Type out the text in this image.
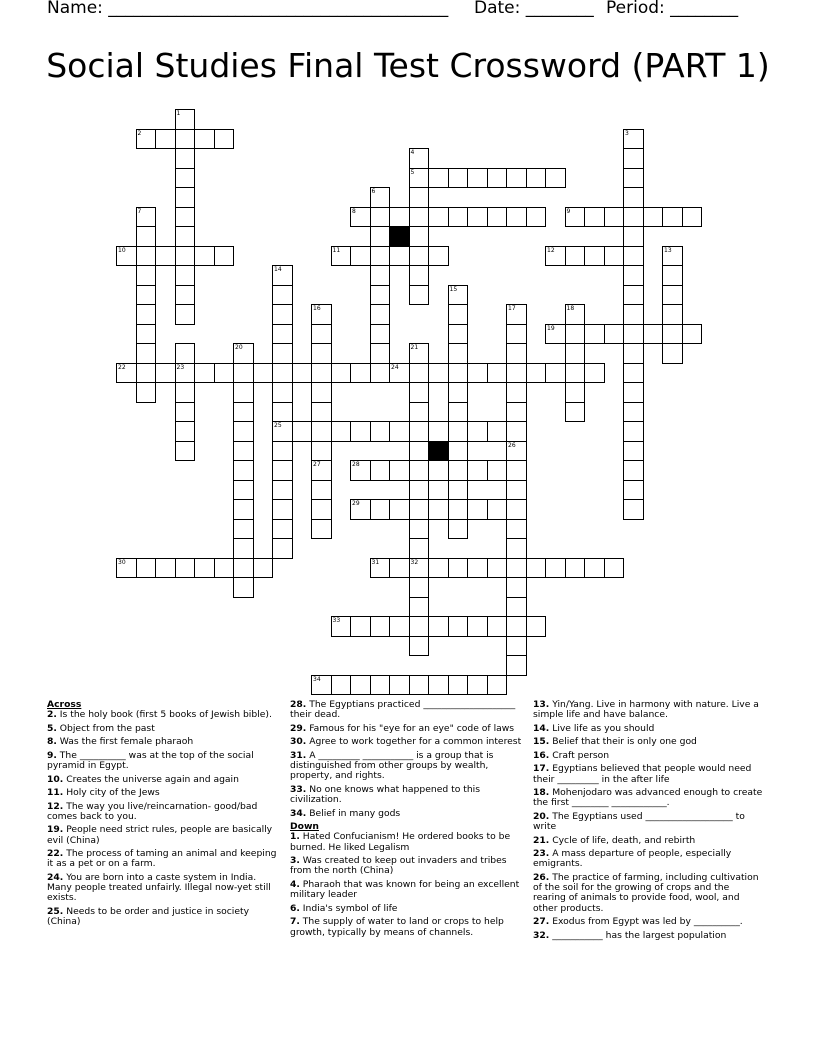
Name: ________________________________________ Date: ________ Period: ________
Social Studies Final Test Crossword (PART 1)
2
5
8	9
10	11	12
19
22	23	24
25
28
29
30	31	32
33
34
1
3
4
6
7
14
15
13
16
27
17
26
18
20	21
Across
2. Is the holy book (first 5 books of Jewish bible).
5. Object from the past
8. Was the first female pharaoh
9. The __________ was at the top of the social pyramid in Egypt.
10. Creates the universe again and again
11. Holy city of the Jews
12. The way you live/reincarnation- good/bad comes back to you.
19. People need strict rules, people are basically evil (China)
22. The process of taming an animal and keeping it as a pet or on a farm.
24. You are born into a caste system in India. Many people treated unfairly. Illegal now-yet still exists.
25. Needs to be order and justice in society (China)
28. The Egyptians practiced ____________________ their dead.
29. Famous for his "eye for an eye" code of laws
30. Agree to work together for a common interest
31. A _________ ___________ is a group that is distinguished from other groups by wealth, property, and rights.
33. No one knows what happened to this civilization.
34. Belief in many gods
Down
1. Hated Confucianism! He ordered books to be burned. He liked Legalism
3. Was created to keep out invaders and tribes from the north (China)
4. Pharaoh that was known for being an excellent military leader
6. India's symbol of life
7. The supply of water to land or crops to help growth, typically by means of channels.
13. Yin/Yang. Live in harmony with nature. Live a simple life and have balance.
14. Live life as you should
15. Belief that their is only one god
16. Craft person
17. Egyptians believed that people would need their _________ in the after life
18. Mohenjodaro was advanced enough to create the first ________ ____________.
20. The Egyptians used ___________________ to write
21. Cycle of life, death, and rebirth
23. A mass departure of people, especially emigrants.
26. The practice of farming, including cultivation of the soil for the growing of crops and the rearing of animals to provide food, wool, and other products.
27. Exodus from Egypt was led by __________.
32. ___________ has the largest population
